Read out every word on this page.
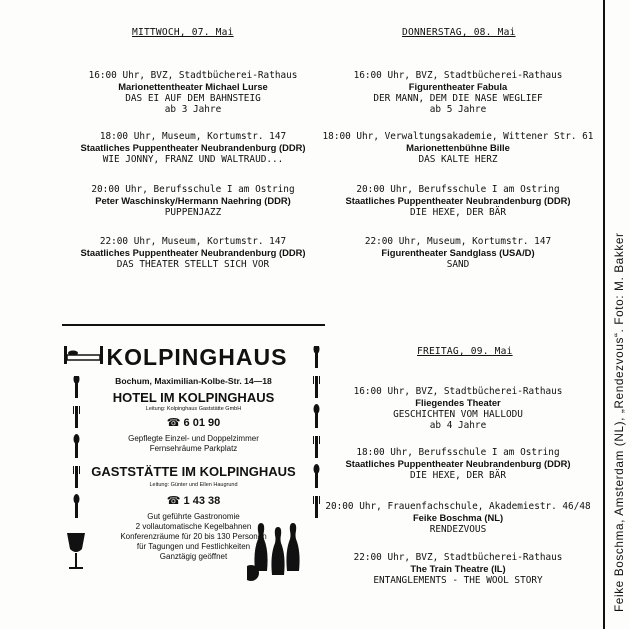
MITTWOCH, 07. Mai
16:00 Uhr, BVZ, Stadtbücherei-Rathaus
Marionettentheater Michael Lurse
DAS EI AUF DEM BAHNSTEIG
ab 3 Jahre
18:00 Uhr, Museum, Kortumstr. 147
Staatliches Puppentheater Neubrandenburg (DDR)
WIE JONNY, FRANZ UND WALTRAUD...
20:00 Uhr, Berufsschule I am Ostring
Peter Waschinsky/Hermann Naehring (DDR)
PUPPENJAZZ
22:00 Uhr, Museum, Kortumstr. 147
Staatliches Puppentheater Neubrandenburg (DDR)
DAS THEATER STELLT SICH VOR
DONNERSTAG, 08. Mai
16:00 Uhr, BVZ, Stadtbücherei-Rathaus
Figurentheater Fabula
DER MANN, DEM DIE NASE WEGLIEF
ab 5 Jahre
18:00 Uhr, Verwaltungsakademie, Wittener Str. 61
Marionettenbühne Bille
DAS KALTE HERZ
20:00 Uhr, Berufsschule I am Ostring
Staatliches Puppentheater Neubrandenburg (DDR)
DIE HEXE, DER BÄR
22:00 Uhr, Museum, Kortumstr. 147
Figurentheater Sandglass (USA/D)
SAND
FREITAG, 09. Mai
16:00 Uhr, BVZ, Stadtbücherei-Rathaus
Fliegendes Theater
GESCHICHTEN VOM HALLODU
ab 4 Jahre
18:00 Uhr, Berufsschule I am Ostring
Staatliches Puppentheater Neubrandenburg (DDR)
DIE HEXE, DER BÄR
20:00 Uhr, Frauenfachschule, Akademiestr. 46/48
Feike Boschma (NL)
RENDEZVOUS
22:00 Uhr, BVZ, Stadtbücherei-Rathaus
The Train Theatre (IL)
ENTANGLEMENTS - THE WOOL STORY
KOLPINGHAUS
Bochum, Maximilian-Kolbe-Str. 14—18
HOTEL IM KOLPINGHAUS
Leitung: Kolpinghaus Gaststätte GmbH
☎ 6 01 90
Gepflegte Einzel- und Doppelzimmer
Fernsehräume Parkplatz
GASTSTÄTTE IM KOLPINGHAUS
Leitung: Günter und Ellen Haugrund
☎ 1 43 38
Gut geführte Gastronomie
2 vollautomatische Kegelbahnen
Konferenzräume für 20 bis 130 Personen
für Tagungen und Festlichkeiten
Ganztägig geöffnet	Feike Boschma, Amsterdam (NL), „Rendezvous“. Foto: M. Bakker
